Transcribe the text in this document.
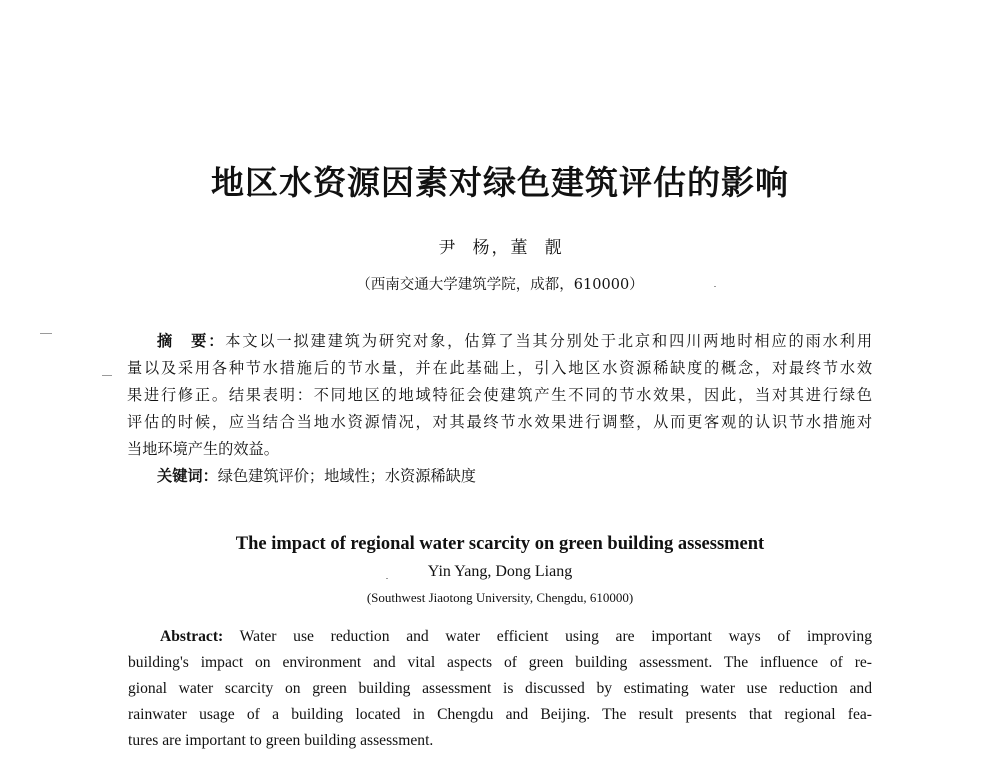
地区水资源因素对绿色建筑评估的影响
尹　杨 ， 董　靓
（西南交通大学建筑学院，成都，610000）
摘　要：本文以一拟建建筑为研究对象，估算了当其分别处于北京和四川两地时相应的雨水利用
量以及采用各种节水措施后的节水量，并在此基础上，引入地区水资源稀缺度的概念，对最终节水效
果进行修正。结果表明：不同地区的地域特征会使建筑产生不同的节水效果，因此，当对其进行绿色
评估的时候，应当结合当地水资源情况，对其最终节水效果进行调整，从而更客观的认识节水措施对
当地环境产生的效益。
关键词：绿色建筑评价；地域性；水资源稀缺度
The impact of regional water scarcity on green building assessment
Yin Yang, Dong Liang
(Southwest Jiaotong University, Chengdu, 610000)
Abstract: Water use reduction and water efficient using are important ways of improving
building's impact on environment and vital aspects of green building assessment. The influence of re-
gional water scarcity on green building assessment is discussed by estimating water use reduction and
rainwater usage of a building located in Chengdu and Beijing. The result presents that regional fea-
tures are important to green building assessment.
